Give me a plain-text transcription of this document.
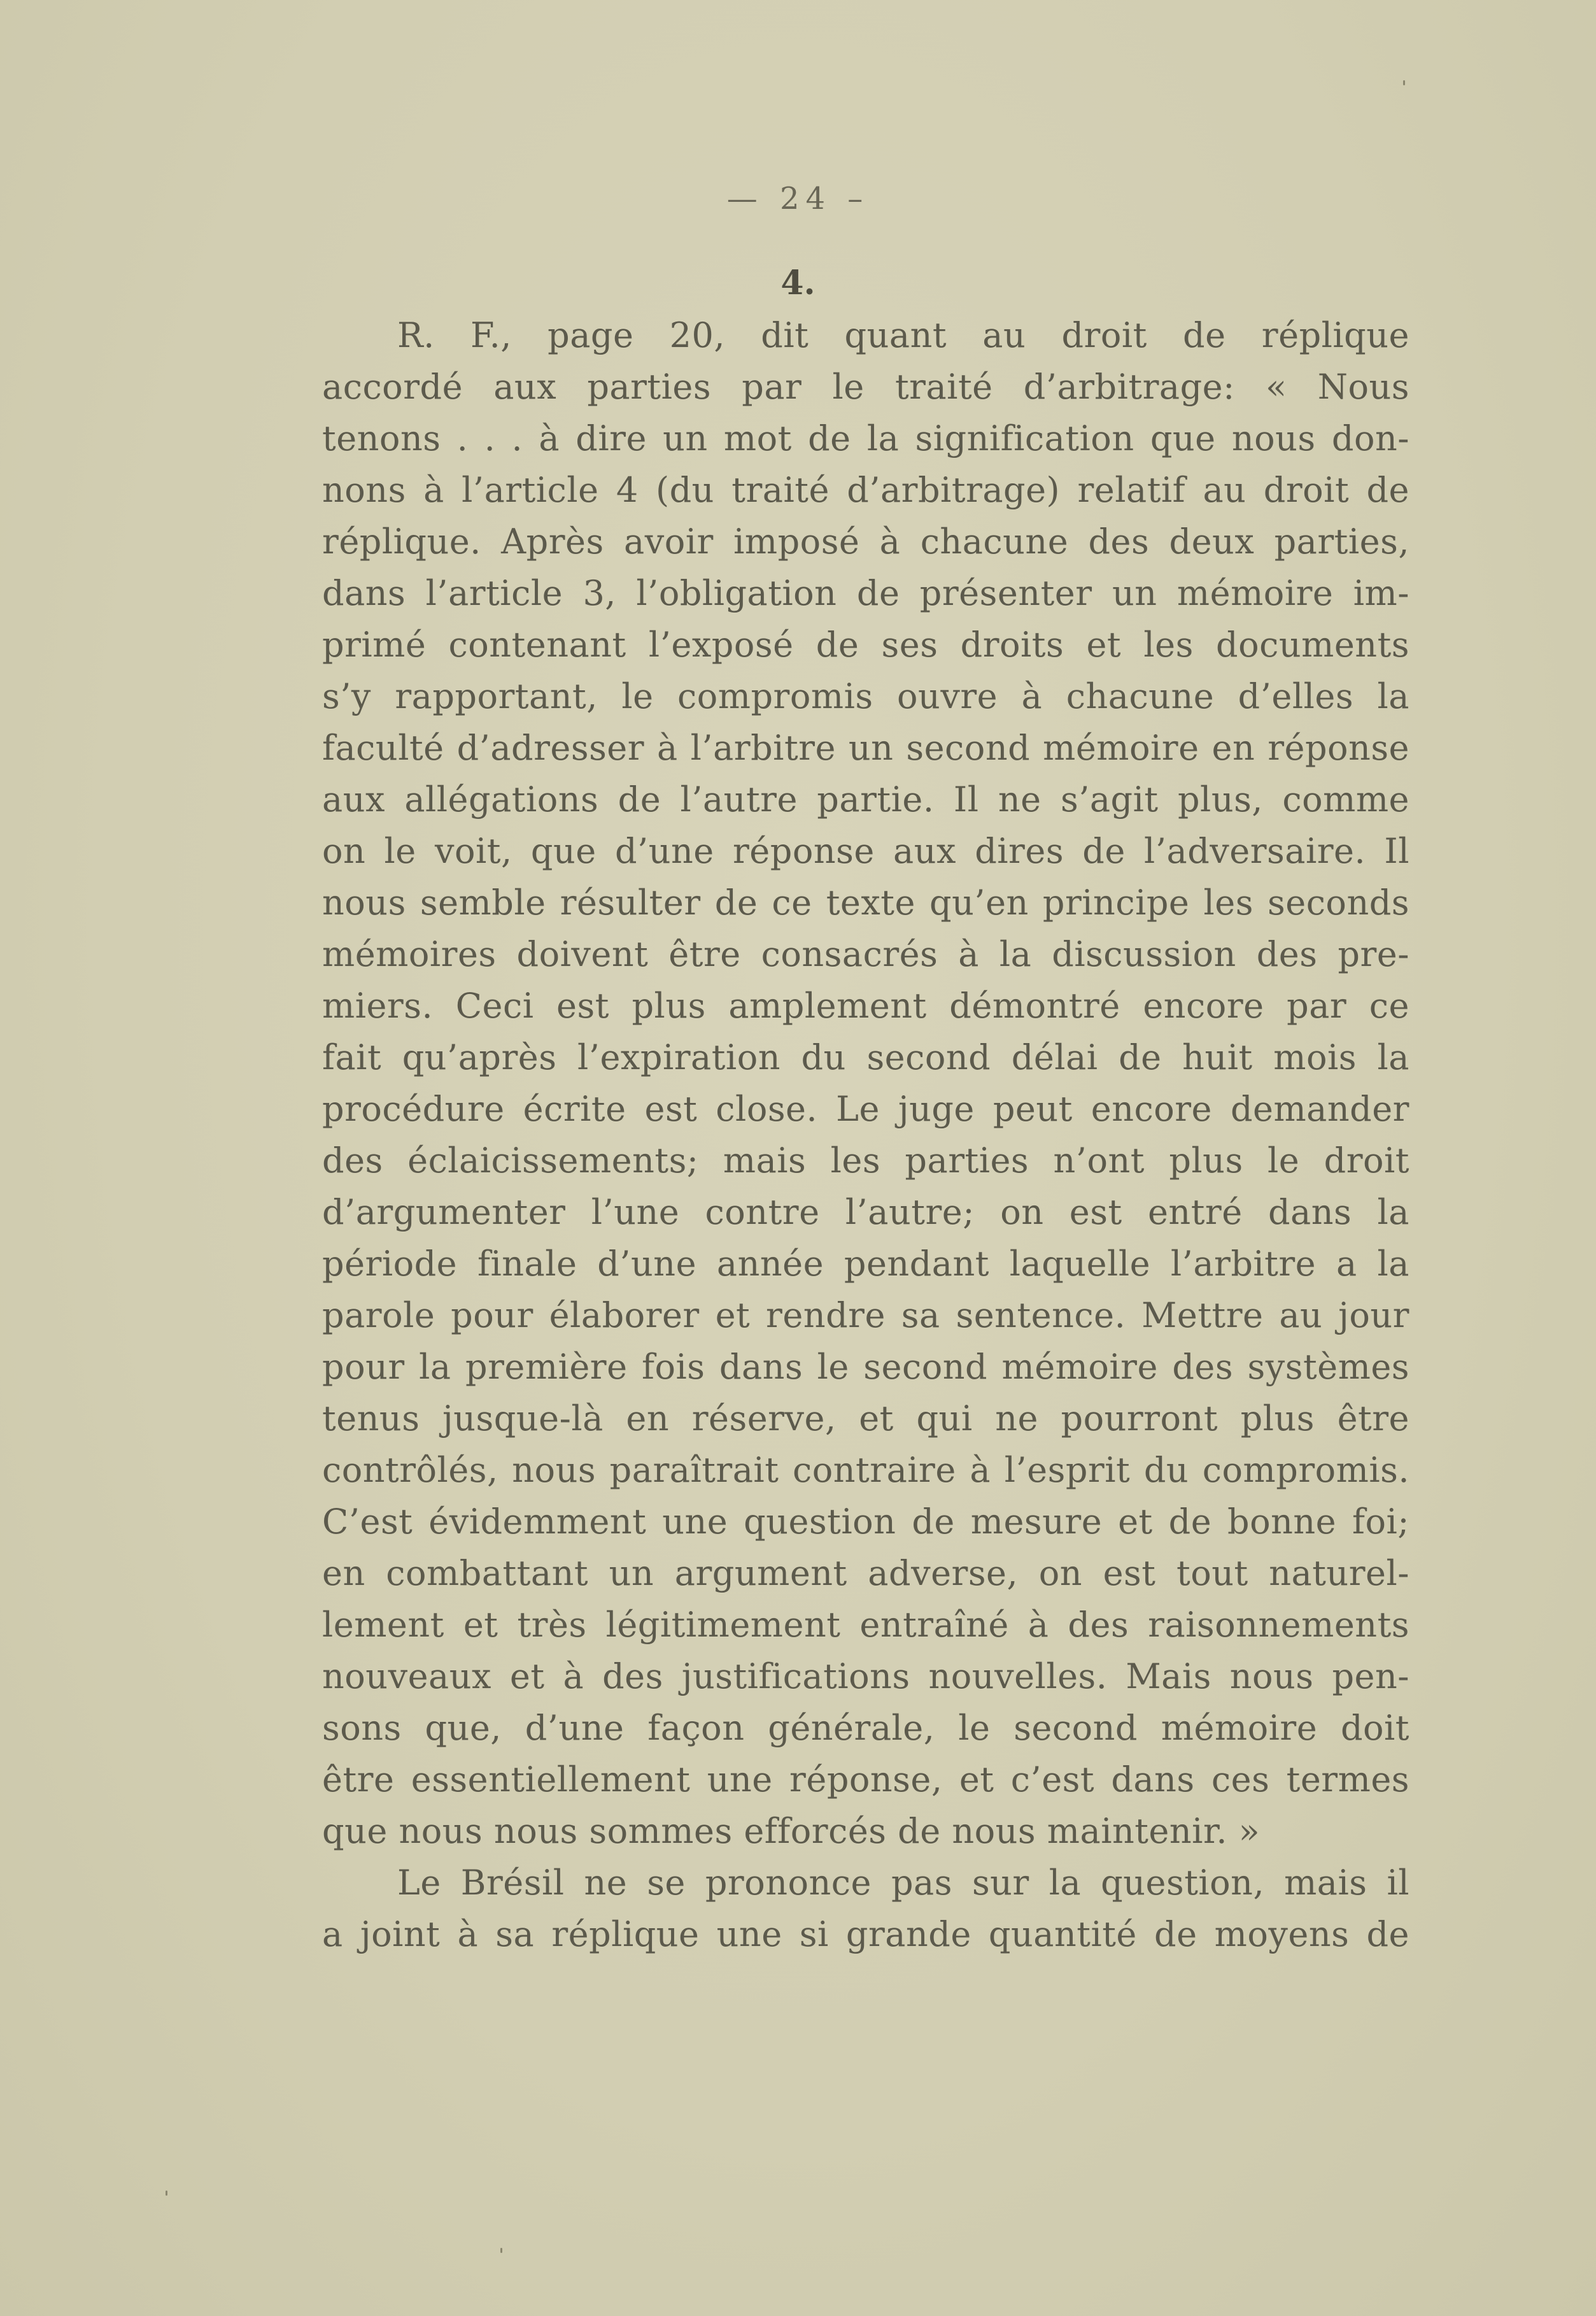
— 24 –
4.
R. F., page 20, dit quant au droit de réplique
accordé aux parties par le traité d’arbitrage: « Nous
tenons . . . à dire un mot de la signification que nous don-
nons à l’article 4 (du traité d’arbitrage) relatif au droit de
réplique. Après avoir imposé à chacune des deux parties,
dans l’article 3, l’obligation de présenter un mémoire im-
primé contenant l’exposé de ses droits et les documents
s’y rapportant, le compromis ouvre à chacune d’elles la
faculté d’adresser à l’arbitre un second mémoire en réponse
aux allégations de l’autre partie. Il ne s’agit plus, comme
on le voit, que d’une réponse aux dires de l’adversaire. Il
nous semble résulter de ce texte qu’en principe les seconds
mémoires doivent être consacrés à la discussion des pre-
miers. Ceci est plus amplement démontré encore par ce
fait qu’après l’expiration du second délai de huit mois la
procédure écrite est close. Le juge peut encore demander
des éclaicissements; mais les parties n’ont plus le droit
d’argumenter l’une contre l’autre; on est entré dans la
période finale d’une année pendant laquelle l’arbitre a la
parole pour élaborer et rendre sa sentence. Mettre au jour
pour la première fois dans le second mémoire des systèmes
tenus jusque-là en réserve, et qui ne pourront plus être
contrôlés, nous paraîtrait contraire à l’esprit du compromis.
C’est évidemment une question de mesure et de bonne foi;
en combattant un argument adverse, on est tout naturel-
lement et très légitimement entraîné à des raisonnements
nouveaux et à des justifications nouvelles. Mais nous pen-
sons que, d’une façon générale, le second mémoire doit
être essentiellement une réponse, et c’est dans ces termes
que nous nous sommes efforcés de nous maintenir. »
Le Brésil ne se prononce pas sur la question, mais il
a joint à sa réplique une si grande quantité de moyens de
